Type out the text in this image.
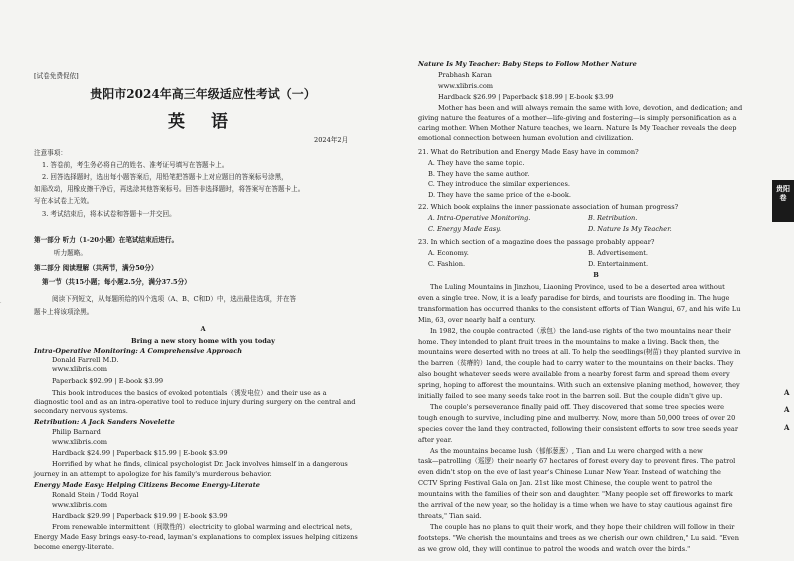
·
[试卷免费促依]
贵阳市2024年高三年级适应性考试（一）
英 语
2024年2月
注意事项：
1. 答卷前，考生务必将自己的姓名、准考证号填写在答题卡上。
2. 回答选择题时，选出每小题答案后，用铅笔把答题卡上对应题目的答案标号涂黑，
如需改动，用橡皮擦干净后，再选涂其他答案标号。回答非选择题时，将答案写在答题卡上。
写在本试卷上无效。
3. 考试结束后，将本试卷和答题卡一并交回。
第一部分 听力（1-20小题）在笔试结束后进行。
听力题略。
第二部分 阅读理解（共两节，满分50分）
第一节（共15小题；每小题2.5分，满分37.5分）
阅读下列短文，从每题所给的四个选项（A、B、C和D）中，选出最佳选项，并在答
题卡上将该项涂黑。
A
Bring a new story home with you today
Intra-Operative Monitoring: A Comprehensive Approach
Donald Farrell M.D.
www.xlibris.com
Paperback $92.99 | E-book $3.99
This book introduces the basics of evoked potentials（诱发电位）and their use as a
diagnostic tool and as an intra-operative tool to reduce injury during surgery on the central and
secondary nervous systems.
Retribution: A Jack Sanders Novelette
Philip Barnard
www.xlibris.com
Hardback $24.99 | Paperback $15.99 | E-book $3.99
Horrified by what he finds, clinical psychologist Dr. Jack involves himself in a dangerous
journey in an attempt to apologize for his family's murderous behavior.
Energy Made Easy: Helping Citizens Become Energy-Literate
Ronald Stein / Todd Royal
www.xlibris.com
Hardback $29.99 | Paperback $19.99 | E-book $3.99
From renewable intermittent（间歇性的）electricity to global warming and electrical nets,
Energy Made Easy brings easy-to-read, layman's explanations to complex issues helping citizens
become energy-literate.
Nature Is My Teacher: Baby Steps to Follow Mother Nature
Prabhash Karan
www.xlibris.com
Hardback $26.99 | Paperback $18.99 | E-book $3.99
Mother has been and will always remain the same with love, devotion, and dedication; and
giving nature the features of a mother—life-giving and fostering—is simply personification as a
caring mother. When Mother Nature teaches, we learn. Nature Is My Teacher reveals the deep
emotional connection between human evolution and civilization.
21. What do Retribution and Energy Made Easy have in common?
A. They have the same topic.
B. They have the same author.
C. They introduce the similar experiences.
D. They have the same price of the e-book.
22. Which book explains the inner passionate association of human progress?
A. Intra-Operative Monitoring.	B. Retribution.
C. Energy Made Easy.	D. Nature Is My Teacher.
23. In which section of a magazine does the passage probably appear?
A. Economy.	B. Advertisement.
C. Fashion.	D. Entertainment.
B
The Luling Mountains in Jinzhou, Liaoning Province, used to be a deserted area without
even a single tree. Now, it is a leafy paradise for birds, and tourists are flooding in. The huge
transformation has occurred thanks to the consistent efforts of Tian Wangui, 67, and his wife Lu
Min, 63, over nearly half a century.
In 1982, the couple contracted（承包）the land-use rights of the two mountains near their
home. They intended to plant fruit trees in the mountains to make a living. Back then, the
mountains were deserted with no trees at all. To help the seedlings(树苗) they planted survive in
the barren（贫瘠的）land, the couple had to carry water to the mountains on their backs. They
also bought whatever seeds were available from a nearby forest farm and spread them every
spring, hoping to afforest the mountains. With such an extensive planing method, however, they
initially failed to see many seeds take root in the barren soil. But the couple didn't give up.
The couple's perseverance finally paid off. They discovered that some tree species were
tough enough to survive, including pine and mulberry. Now, more than 50,000 trees of over 20
species cover the land they contracted, following their consistent efforts to sow tree seeds year
after year.
As the mountains became lush（郁郁葱葱）, Tian and Lu were charged with a new
task—patrolling（巡逻）their nearly 67 hectares of forest every day to prevent fires. The patrol
even didn't stop on the eve of last year's Chinese Lunar New Year. Instead of watching the
CCTV Spring Festival Gala on Jan. 21st like most Chinese, the couple went to patrol the
mountains with the families of their son and daughter. "Many people set off fireworks to mark
the arrival of the new year, so the holiday is a time when we have to stay cautious against fire
threats," Tian said.
The couple has no plans to quit their work, and they hope their children will follow in their
footsteps. "We cherish the mountains and trees as we cherish our own children," Lu said. "Even
as we grow old, they will continue to patrol the woods and watch over the birds."
贵阳
卷
A
A
A
